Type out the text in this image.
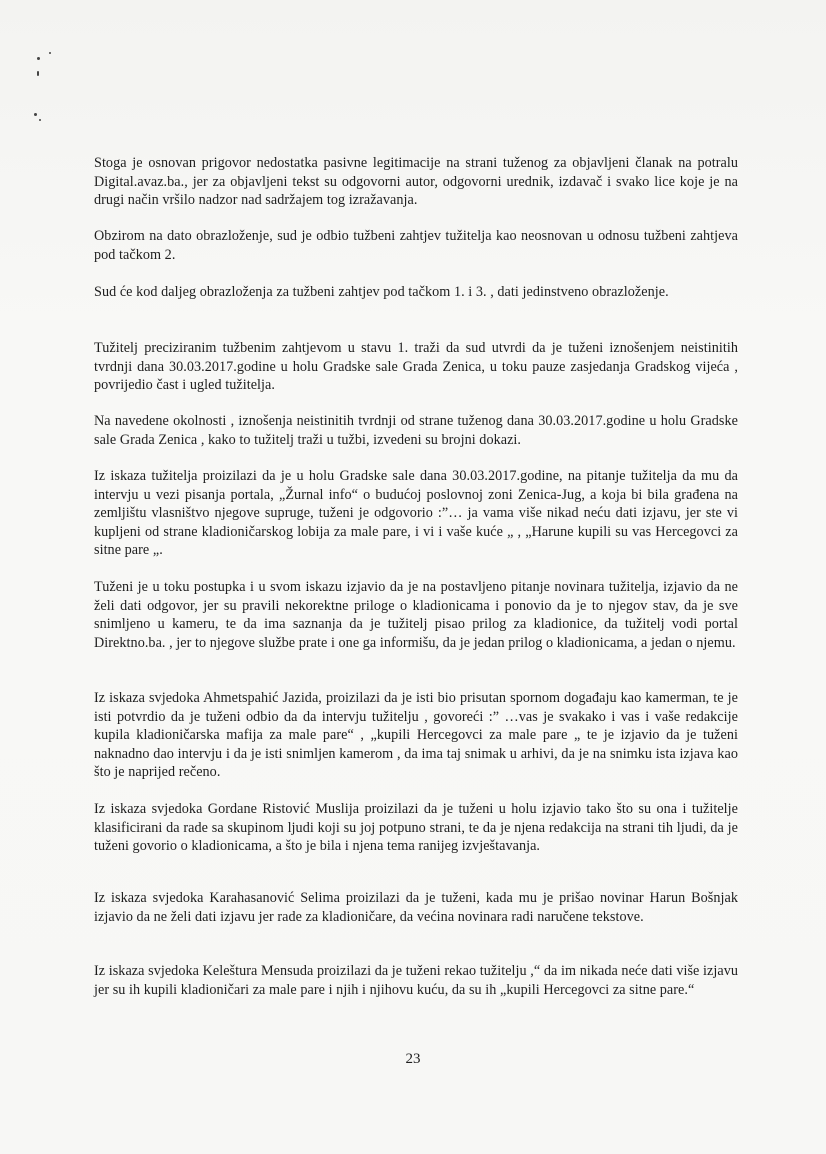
Stoga je osnovan prigovor nedostatka pasivne legitimacije na strani tuženog za objavljeni članak na potralu Digital.avaz.ba., jer za objavljeni tekst su odgovorni autor, odgovorni urednik, izdavač i svako lice koje je na drugi način vršilo nadzor nad sadržajem tog izražavanja.

Obzirom na dato obrazloženje, sud je odbio tužbeni zahtjev tužitelja kao neosnovan u odnosu tužbeni zahtjeva pod tačkom 2.

Sud će kod daljeg obrazloženja za tužbeni zahtjev pod tačkom 1. i 3. , dati jedinstveno obrazloženje.

Tužitelj preciziranim tužbenim zahtjevom u stavu 1. traži da sud utvrdi da je tuženi iznošenjem neistinitih tvrdnji dana 30.03.2017.godine u holu Gradske sale Grada Zenica, u toku pauze zasjedanja Gradskog vijeća , povrijedio čast i ugled tužitelja.

Na navedene okolnosti , iznošenja neistinitih tvrdnji od strane tuženog dana 30.03.2017.godine u holu Gradske sale Grada Zenica , kako to tužitelj traži u tužbi, izvedeni su brojni dokazi.

Iz iskaza tužitelja proizilazi da je u holu Gradske sale dana 30.03.2017.godine, na pitanje tužitelja da mu da intervju u vezi pisanja portala, „Žurnal info“ o budućoj poslovnoj zoni Zenica-Jug, a koja bi bila građena na zemljištu vlasništvo njegove supruge, tuženi je odgovorio :”… ja vama više nikad neću dati izjavu, jer ste vi kupljeni od strane kladioničarskog lobija za male pare, i vi i vaše kuće „ , „Harune kupili su vas Hercegovci za sitne pare „.

Tuženi je u toku postupka i u svom iskazu izjavio da je na postavljeno pitanje novinara tužitelja, izjavio da ne želi dati odgovor, jer su pravili nekorektne priloge o kladionicama i ponovio da je to njegov stav, da je sve snimljeno u kameru, te da ima saznanja da je tužitelj pisao prilog za kladionice, da tužitelj vodi portal Direktno.ba. , jer to njegove službe prate i one ga informišu, da je jedan prilog o kladionicama, a jedan o njemu.

Iz iskaza svjedoka Ahmetspahić Jazida, proizilazi da je isti bio prisutan spornom događaju kao kamerman, te je isti potvrdio da je tuženi odbio da da intervju tužitelju , govoreći :” …vas je svakako i vas i vaše redakcije kupila kladioničarska mafija za male pare“ , „kupili Hercegovci za male pare „ te je izjavio da je tuženi naknadno dao intervju i da je isti snimljen kamerom , da ima taj snimak u arhivi, da je na snimku ista izjava kao što je naprijed rečeno.

Iz iskaza svjedoka Gordane Ristović Muslija proizilazi da je tuženi u holu izjavio tako što su ona i tužitelje klasificirani da rade sa skupinom ljudi koji su joj potpuno strani, te da je njena redakcija na strani tih ljudi, da je tuženi govorio o kladionicama, a što je bila i njena tema ranijeg izvještavanja.

Iz iskaza svjedoka Karahasanović Selima proizilazi da je tuženi, kada mu je prišao novinar Harun Bošnjak izjavio da ne želi dati izjavu jer rade za kladioničare, da većina novinara radi naručene tekstove.

Iz iskaza svjedoka Keleštura Mensuda proizilazi da je tuženi rekao tužitelju ,“ da im nikada neće dati više izjavu jer su ih kupili kladioničari za male pare i njih i njihovu kuću, da su ih „kupili Hercegovci za sitne pare.“

23
